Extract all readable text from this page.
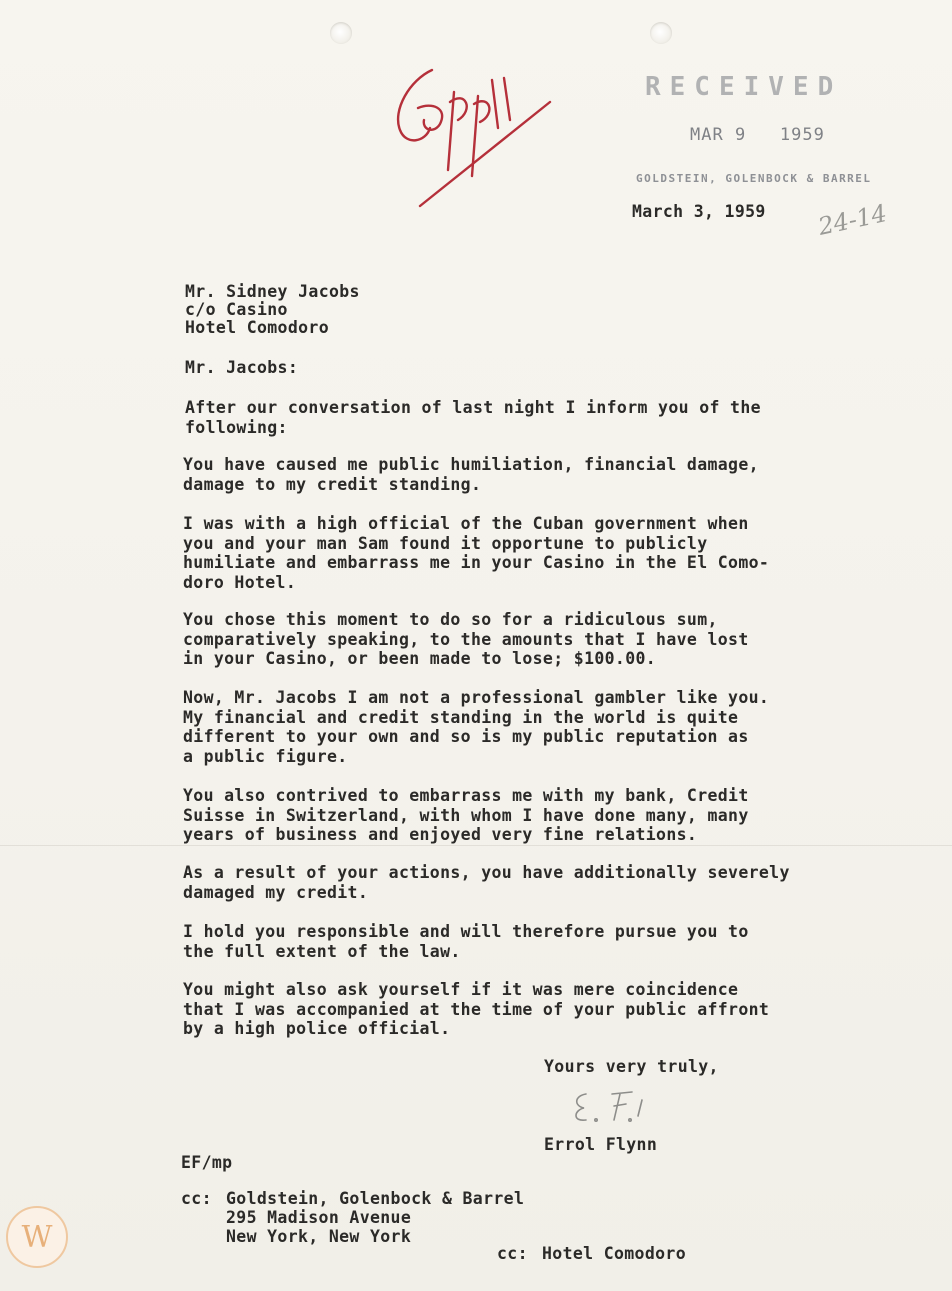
RECEIVED
MAR 9   1959
GOLDSTEIN, GOLENBOCK & BARREL
24-14
March 3, 1959
Mr. Sidney Jacobs
c/o Casino
Hotel Comodoro
Mr. Jacobs:
After our conversation of last night I inform you of the
following:
You have caused me public humiliation, financial damage,
damage to my credit standing.
I was with a high official of the Cuban government when
you and your man Sam found it opportune to publicly
humiliate and embarrass me in your Casino in the El Como-
doro Hotel.
You chose this moment to do so for a ridiculous sum,
comparatively speaking, to the amounts that I have lost
in your Casino, or been made to lose; $100.00.
Now, Mr. Jacobs I am not a professional gambler like you.
My financial and credit standing in the world is quite
different to your own and so is my public reputation as
a public figure.
You also contrived to embarrass me with my bank, Credit
Suisse in Switzerland, with whom I have done many, many
years of business and enjoyed very fine relations.
As a result of your actions, you have additionally severely
damaged my credit.
I hold you responsible and will therefore pursue you to
the full extent of the law.
You might also ask yourself if it was mere coincidence
that I was accompanied at the time of your public affront
by a high police official.
Yours very truly,
Errol Flynn
EF/mp
cc: Goldstein, Golenbock & Barrel
295 Madison Avenue
New York, New York
cc: Hotel Comodoro
W
